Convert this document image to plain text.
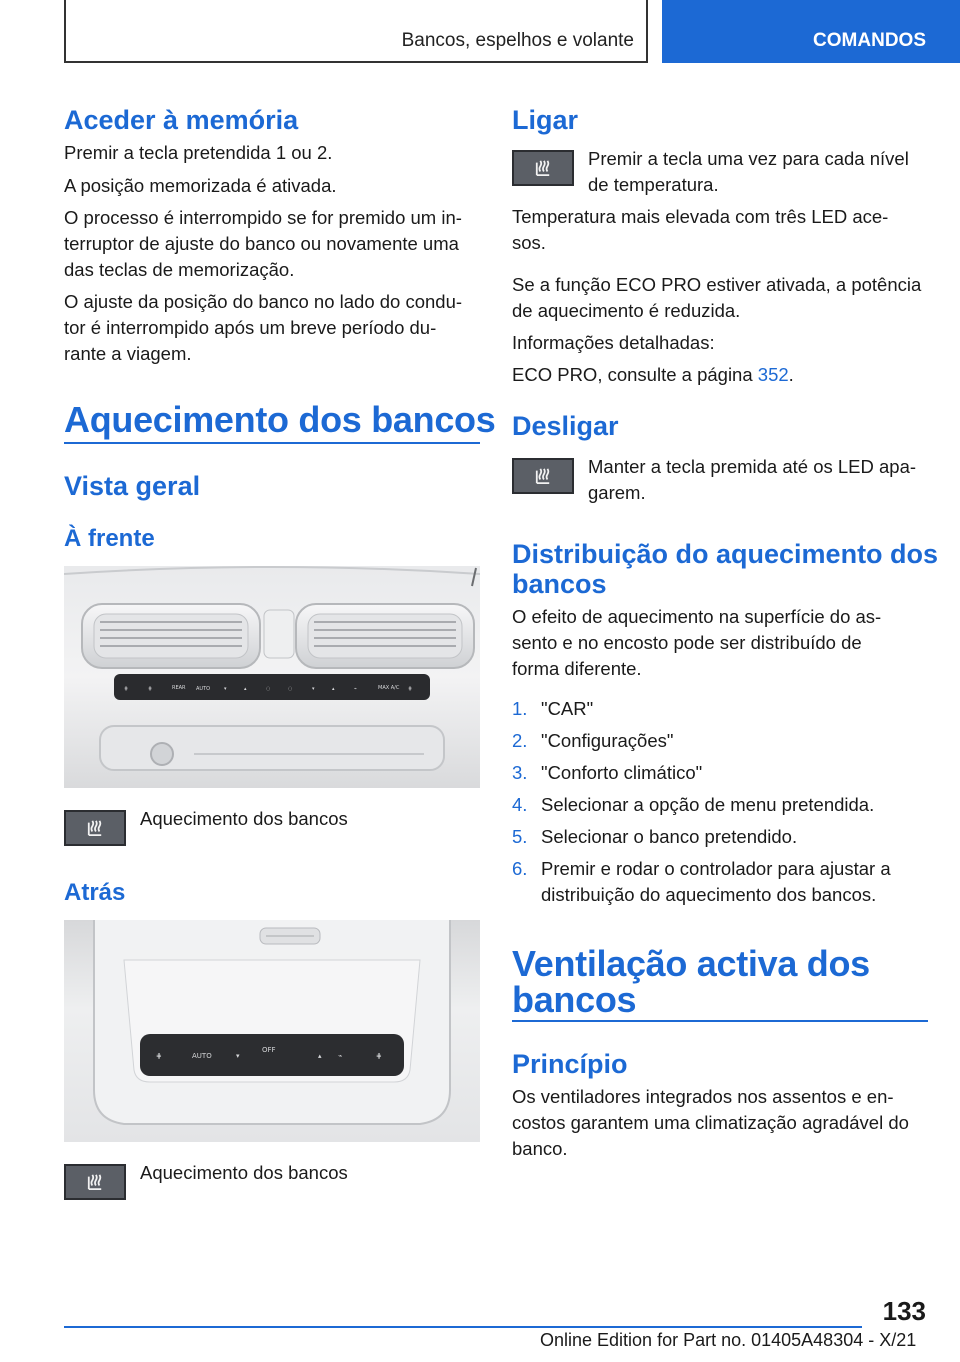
Bancos, espelhos e volante	COMANDOS
Aceder à memória
Premir a tecla pretendida 1 ou 2.
A posição memorizada é ativada.
O processo é interrompido se for premido um in-
terruptor de ajuste do banco ou novamente uma
das teclas de memorização.
O ajuste da posição do banco no lado do condu-
tor é interrompido após um breve período du-
rante a viagem.
Aquecimento dos bancos
Vista geral
À frente
⋕	⋕	REAR AUTO	▾	▴	◌	◌	▾	▴	⌁	MAX A/C ⋕
Aquecimento dos bancos
Atrás
⋕	AUTO	▾
OFF
▴ ⌁	⋕
Aquecimento dos bancos
Ligar
Premir a tecla uma vez para cada nível
de temperatura.
Temperatura mais elevada com três LED ace-
sos.
Se a função ECO PRO estiver ativada, a potência
de aquecimento é reduzida.
Informações detalhadas:
ECO PRO, consulte a página 352.
Desligar
Manter a tecla premida até os LED apa-
garem.
Distribuição do aquecimento dos
bancos
O efeito de aquecimento na superfície do as-
sento e no encosto pode ser distribuído de
forma diferente.
1. "CAR"
2. "Configurações"
3. "Conforto climático"
4. Selecionar a opção de menu pretendida.
5. Selecionar o banco pretendido.
6. Premir e rodar o controlador para ajustar a
distribuição do aquecimento dos bancos.
Ventilação activa dos
bancos
Princípio
Os ventiladores integrados nos assentos e en-
costos garantem uma climatização agradável do
banco.
133
Online Edition for Part no. 01405A48304 - X/21
